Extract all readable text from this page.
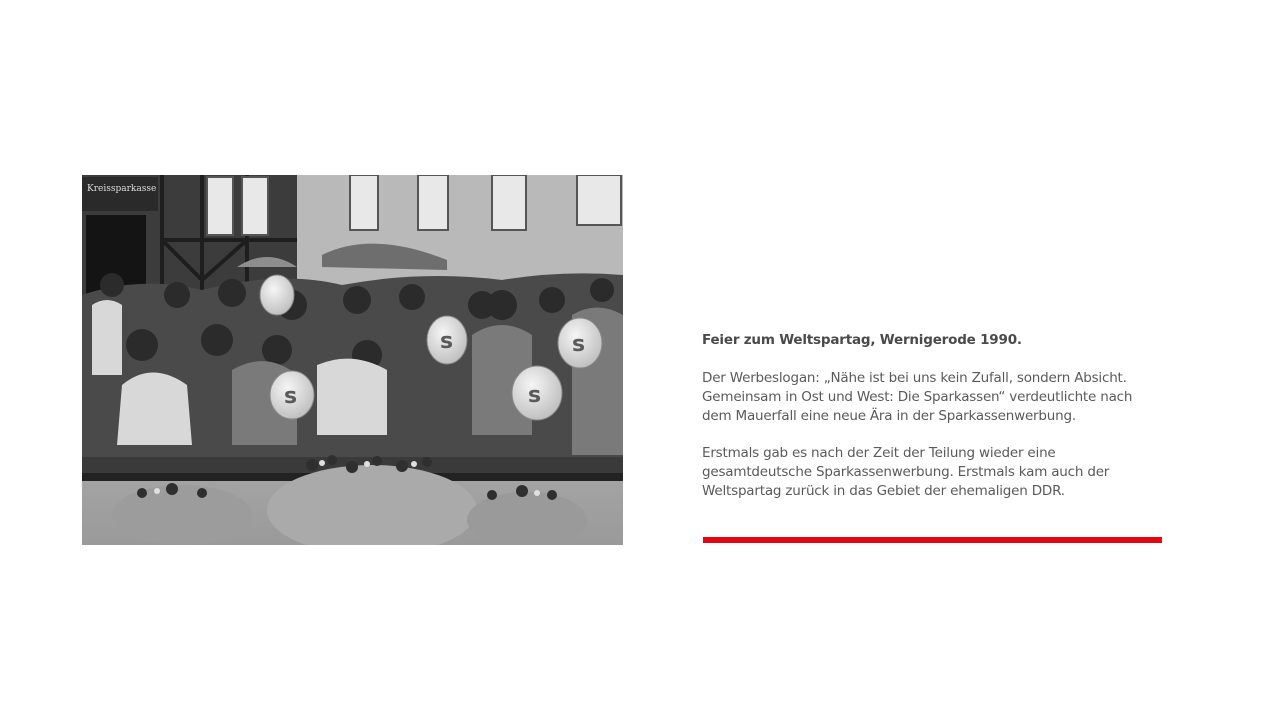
Kreissparkasse
s	s
s
s

Feier zum Weltspartag, Wernigerode 1990.

Der Werbeslogan: „Nähe ist bei uns kein Zufall, sondern Absicht.
Gemeinsam in Ost und West: Die Sparkassen“ verdeutlichte nach
dem Mauerfall eine neue Ära in der Sparkassenwerbung.

Erstmals gab es nach der Zeit der Teilung wieder eine
gesamtdeutsche Sparkassenwerbung. Erstmals kam auch der
Weltspartag zurück in das Gebiet der ehemaligen DDR.
